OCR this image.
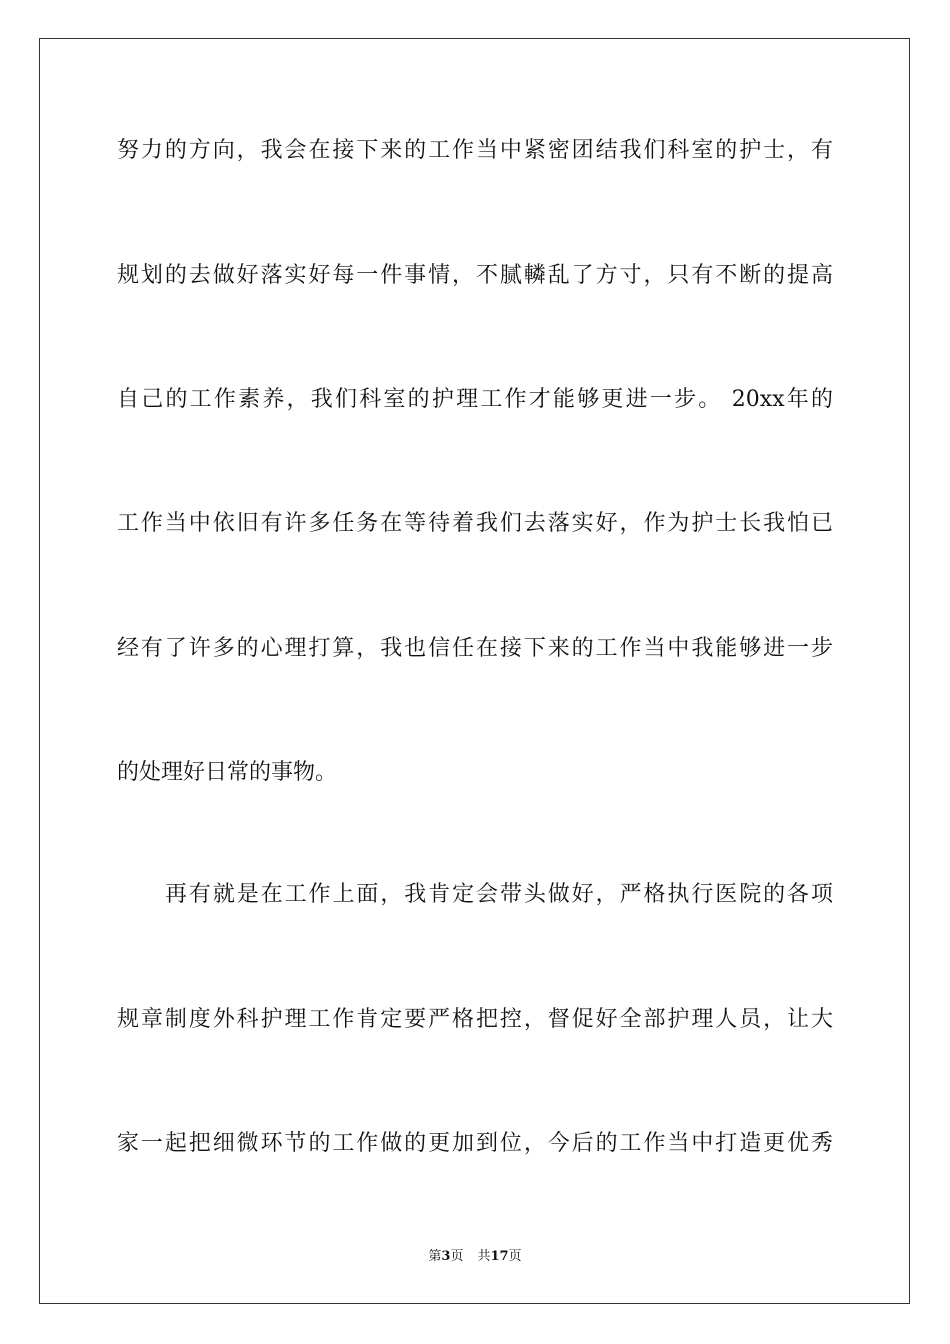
努力的方向，我会在接下来的工作当中紧密团结我们科室的护士，有
规划的去做好落实好每一件事情，不腻轔乱了方寸，只有不断的提高
自己的工作素养，我们科室的护理工作才能够更进一步。 20xx年的
工作当中依旧有许多任务在等待着我们去落实好，作为护士长我怕已
经有了许多的心理打算，我也信任在接下来的工作当中我能够进一步
的处理好日常的事物。
再有就是在工作上面，我肯定会带头做好，严格执行医院的各项
规章制度外科护理工作肯定要严格把控，督促好全部护理人员，让大
家一起把细微环节的工作做的更加到位，今后的工作当中打造更优秀
第3页 共17页
